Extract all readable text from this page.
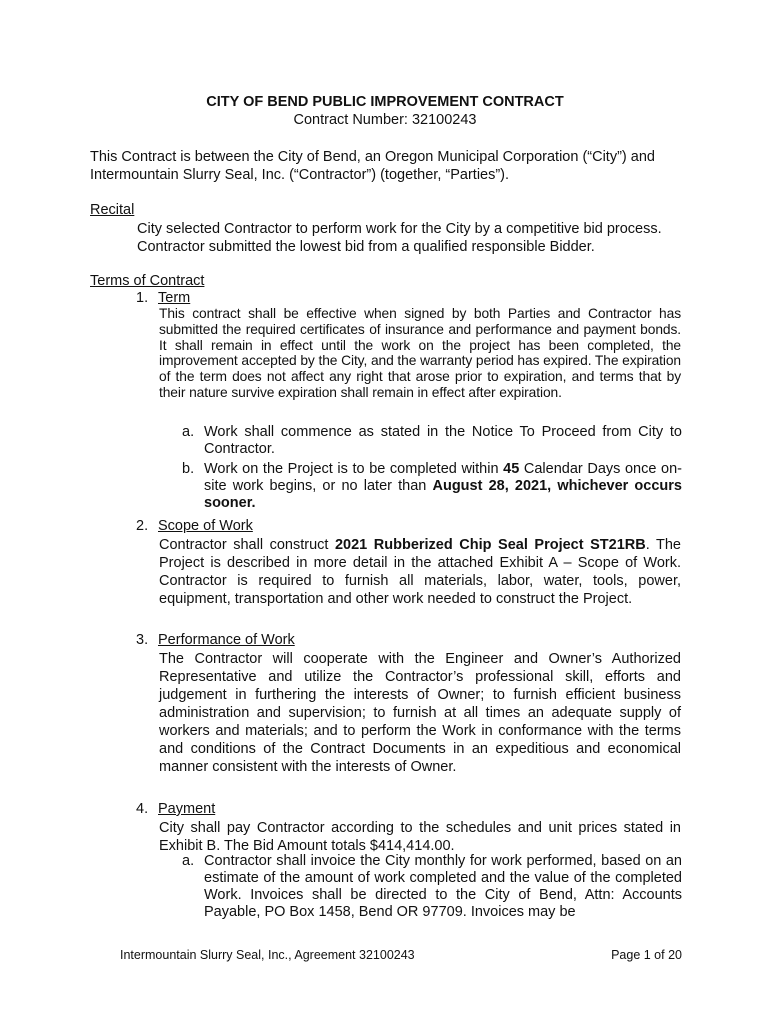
CITY OF BEND PUBLIC IMPROVEMENT CONTRACT
Contract Number: 32100243
This Contract is between the City of Bend, an Oregon Municipal Corporation (“City”) and Intermountain Slurry Seal, Inc. (“Contractor”) (together, “Parties”).
Recital
City selected Contractor to perform work for the City by a competitive bid process.
Contractor submitted the lowest bid from a qualified responsible Bidder.
Terms of Contract
1. Term
This contract shall be effective when signed by both Parties and Contractor has submitted the required certificates of insurance and performance and payment bonds. It shall remain in effect until the work on the project has been completed, the improvement accepted by the City, and the warranty period has expired. The expiration of the term does not affect any right that arose prior to expiration, and terms that by their nature survive expiration shall remain in effect after expiration.
a. Work shall commence as stated in the Notice To Proceed from City to Contractor.
b. Work on the Project is to be completed within 45 Calendar Days once on-site work begins, or no later than August 28, 2021, whichever occurs sooner.
2. Scope of Work
Contractor shall construct 2021 Rubberized Chip Seal Project ST21RB. The Project is described in more detail in the attached Exhibit A – Scope of Work. Contractor is required to furnish all materials, labor, water, tools, power, equipment, transportation and other work needed to construct the Project.
3. Performance of Work
The Contractor will cooperate with the Engineer and Owner’s Authorized Representative and utilize the Contractor’s professional skill, efforts and judgement in furthering the interests of Owner; to furnish efficient business administration and supervision; to furnish at all times an adequate supply of workers and materials; and to perform the Work in conformance with the terms and conditions of the Contract Documents in an expeditious and economical manner consistent with the interests of Owner.
4. Payment
City shall pay Contractor according to the schedules and unit prices stated in Exhibit B. The Bid Amount totals $414,414.00.
a. Contractor shall invoice the City monthly for work performed, based on an estimate of the amount of work completed and the value of the completed Work. Invoices shall be directed to the City of Bend, Attn: Accounts Payable, PO Box 1458, Bend OR 97709. Invoices may be
Intermountain Slurry Seal, Inc., Agreement 32100243	Page 1 of 20
